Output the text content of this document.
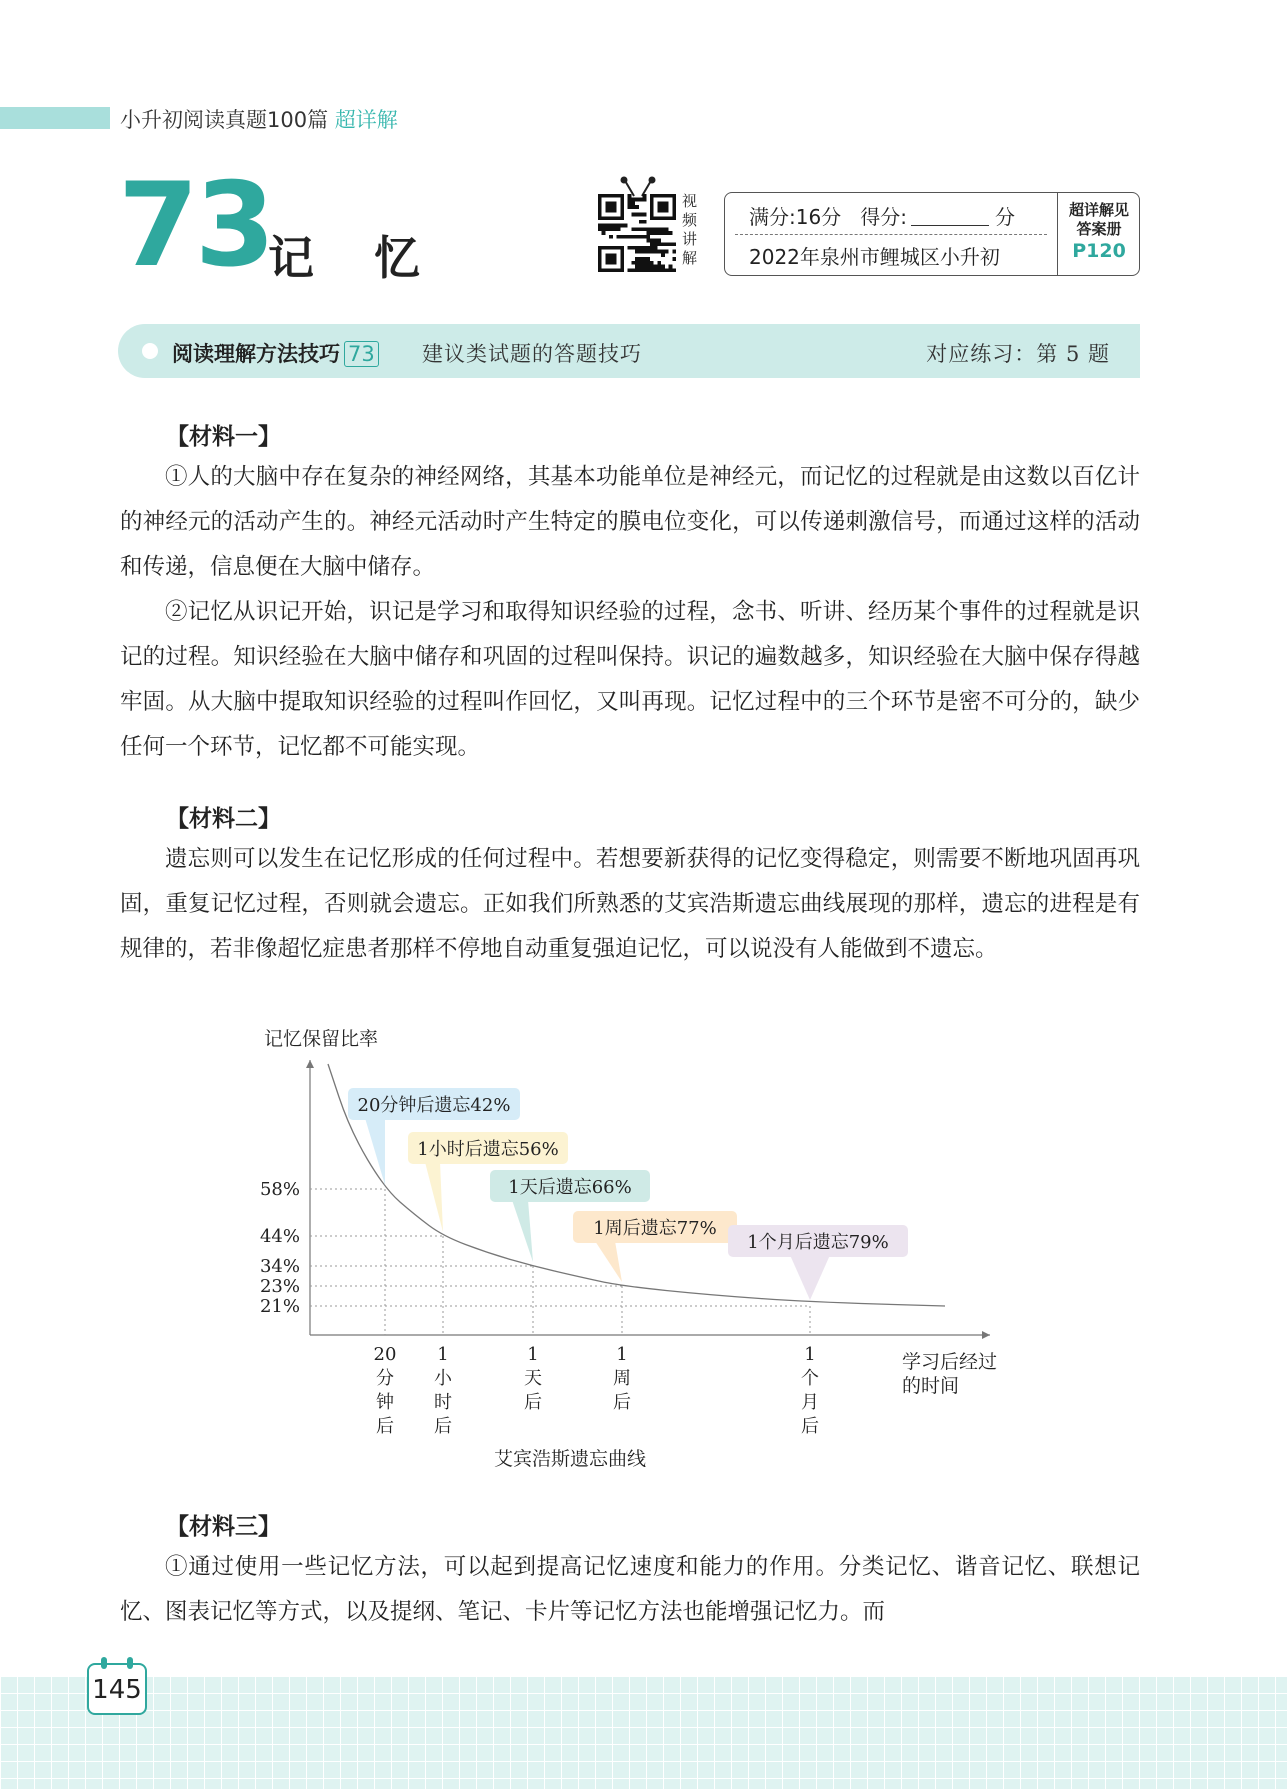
小升初阅读真题100篇 超详解
73
记 忆
视频讲解
满分:16分 得分:	分
2022年泉州市鲤城区小升初
超详解见
答案册
P120
阅读理解方法技巧 73 建议类试题的答题技巧	对应练习：第 5 题
【材料一】

①人的大脑中存在复杂的神经网络，其基本功能单位是神经元，而记忆的过程就是由这数以百亿计的神经元的活动产生的。神经元活动时产生特定的膜电位变化，可以传递刺激信号，而通过这样的活动和传递，信息便在大脑中储存。

②记忆从识记开始，识记是学习和取得知识经验的过程，念书、听讲、经历某个事件的过程就是识记的过程。知识经验在大脑中储存和巩固的过程叫保持。识记的遍数越多，知识经验在大脑中保存得越牢固。从大脑中提取知识经验的过程叫作回忆，又叫再现。记忆过程中的三个环节是密不可分的，缺少任何一个环节，记忆都不可能实现。

【材料二】

遗忘则可以发生在记忆形成的任何过程中。若想要新获得的记忆变得稳定，则需要不断地巩固再巩固，重复记忆过程，否则就会遗忘。正如我们所熟悉的艾宾浩斯遗忘曲线展现的那样，遗忘的进程是有规律的，若非像超忆症患者那样不停地自动重复强迫记忆，可以说没有人能做到不遗忘。

记忆保留比率
学习后经过
的时间
58%
44%
34%
23%
21%
20
分
钟
后
1
小
时
后
1
天
后
1
周
后
1
个
月
后
20分钟后遗忘42%
1小时后遗忘56%
1天后遗忘66%
1周后遗忘77%
1个月后遗忘79%
艾宾浩斯遗忘曲线
【材料三】

①通过使用一些记忆方法，可以起到提高记忆速度和能力的作用。分类记忆、谐音记忆、联想记忆、图表记忆等方式，以及提纲、笔记、卡片等记忆方法也能增强记忆力。而

145
